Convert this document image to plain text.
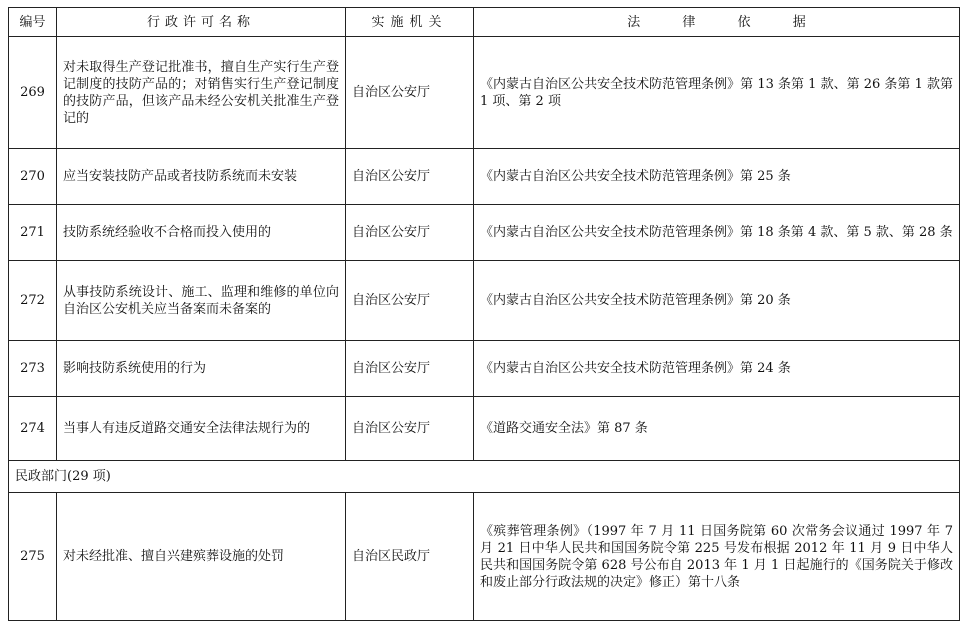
编号	行政许可名称	实施机关	法 律 依 据
269	对未取得生产登记批准书，擅自生产实行生产登记制度的技防产品的；对销售实行生产登记制度的技防产品，但该产品未经公安机关批准生产登记的	自治区公安厅	《内蒙古自治区公共安全技术防范管理条例》第 13 条第 1 款、第 26 条第 1 款第 1 项、第 2 项
270	应当安装技防产品或者技防系统而未安装	自治区公安厅	《内蒙古自治区公共安全技术防范管理条例》第 25 条
271	技防系统经验收不合格而投入使用的	自治区公安厅	《内蒙古自治区公共安全技术防范管理条例》第 18 条第 4 款、第 5 款、第 28 条
272	从事技防系统设计、施工、监理和维修的单位向自治区公安机关应当备案而未备案的	自治区公安厅	《内蒙古自治区公共安全技术防范管理条例》第 20 条
273	影响技防系统使用的行为	自治区公安厅	《内蒙古自治区公共安全技术防范管理条例》第 24 条
274	当事人有违反道路交通安全法律法规行为的	自治区公安厅	《道路交通安全法》第 87 条
民政部门(29 项)			
275	对未经批准、擅自兴建殡葬设施的处罚	自治区民政厅	《殡葬管理条例》（1997 年 7 月 11 日国务院第 60 次常务会议通过 1997 年 7 月 21 日中华人民共和国国务院令第 225 号发布根据 2012 年 11 月 9 日中华人民共和国国务院令第 628 号公布自 2013 年 1 月 1 日起施行的《国务院关于修改和废止部分行政法规的决定》修正）第十八条
